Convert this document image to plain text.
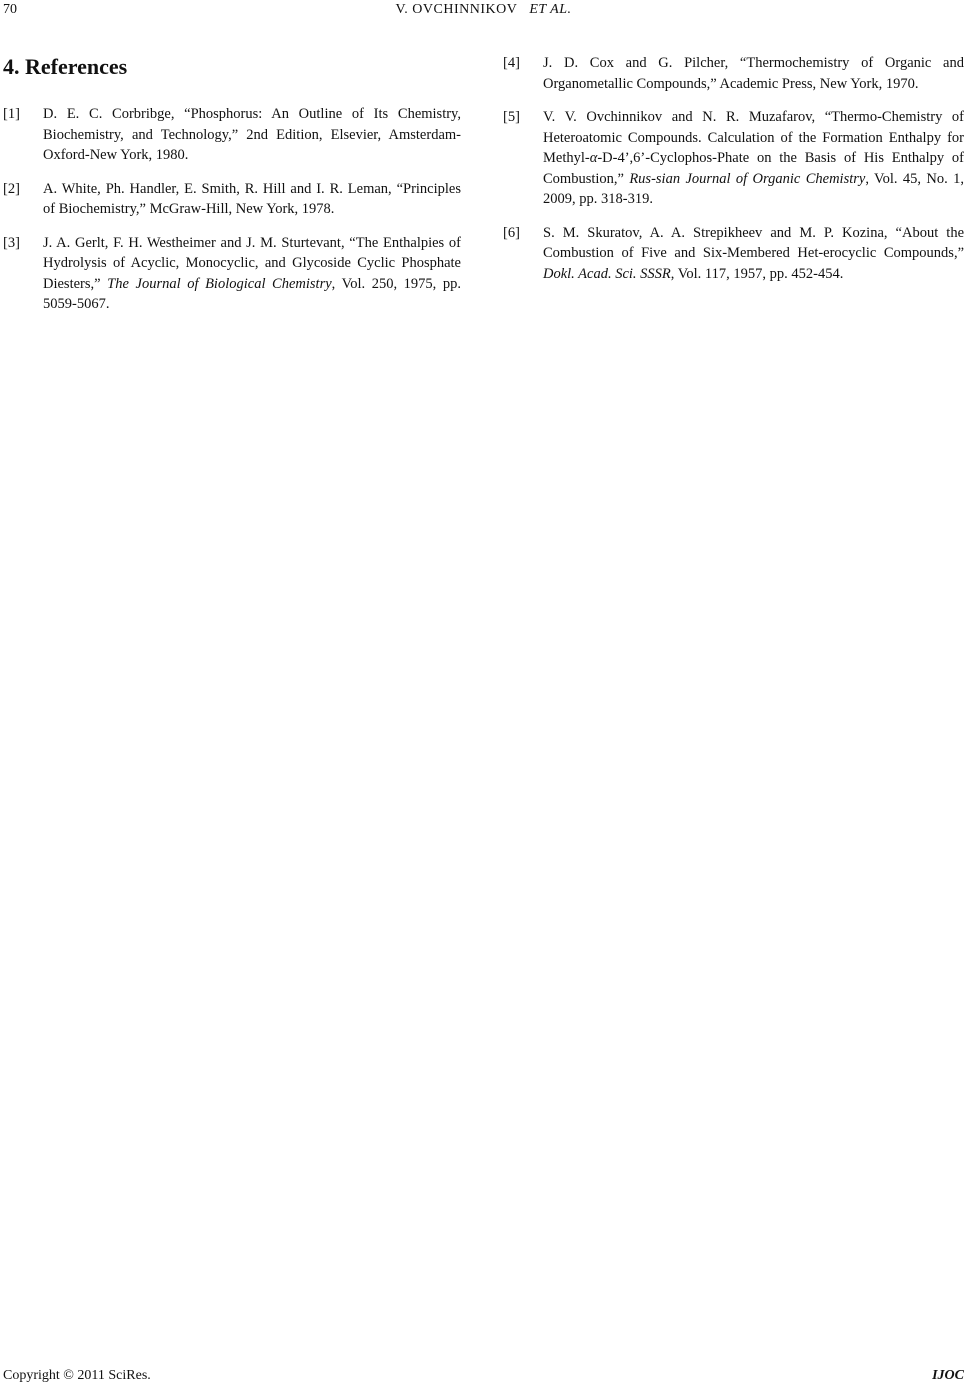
70	V. OVCHINNIKOV ET AL.
4. References
[1] D. E. C. Corbribge, “Phosphorus: An Outline of Its Chemistry, Biochemistry, and Technology,” 2nd Edition, Elsevier, Amsterdam-Oxford-New York, 1980.
[2] A. White, Ph. Handler, E. Smith, R. Hill and I. R. Leman, “Principles of Biochemistry,” McGraw-Hill, New York, 1978.
[3] J. A. Gerlt, F. H. Westheimer and J. M. Sturtevant, “The Enthalpies of Hydrolysis of Acyclic, Monocyclic, and Glycoside Cyclic Phosphate Diesters,” The Journal of Biological Chemistry, Vol. 250, 1975, pp. 5059-5067.
[4] J. D. Cox and G. Pilcher, “Thermochemistry of Organic and Organometallic Compounds,” Academic Press, New York, 1970.
[5] V. V. Ovchinnikov and N. R. Muzafarov, “Thermo-Chemistry of Heteroatomic Compounds. Calculation of the Formation Enthalpy for Methyl-α-D-4’,6’-Cyclophos-Phate on the Basis of His Enthalpy of Combustion,” Rus-sian Journal of Organic Chemistry, Vol. 45, No. 1, 2009, pp. 318-319.
[6] S. M. Skuratov, A. A. Strepikheev and M. P. Kozina, “About the Combustion of Five and Six-Membered Het-erocyclic Compounds,” Dokl. Acad. Sci. SSSR, Vol. 117, 1957, pp. 452-454.
Copyright © 2011 SciRes.	IJOC
